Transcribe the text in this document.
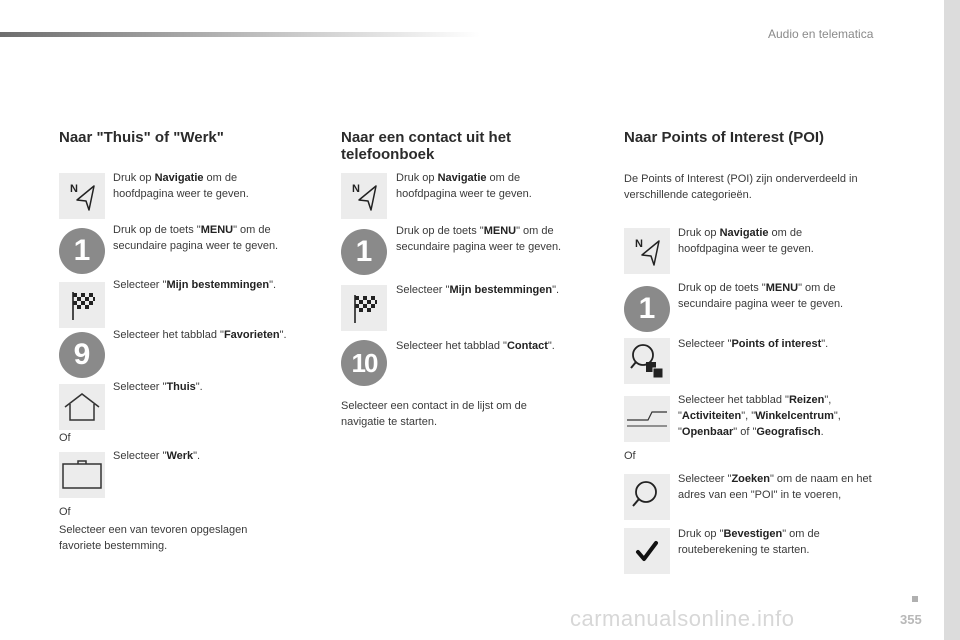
Audio en telematica
355
carmanualsonline.info
Naar "Thuis" of "Werk"
N

Druk op Navigatie om de hoofdpagina weer te geven.

1

Druk op de toets "MENU" om de secundaire pagina weer te geven.

Selecteer "Mijn bestemmingen".

9

Selecteer het tabblad "Favorieten".

Selecteer "Thuis".

Of

Selecteer "Werk".

Of

Selecteer een van tevoren opgeslagen favoriete bestemming.

Naar een contact uit het telefoonboek
N

Druk op Navigatie om de hoofdpagina weer te geven.

1

Druk op de toets "MENU" om de secundaire pagina weer te geven.

Selecteer "Mijn bestemmingen".

10

Selecteer het tabblad "Contact".

Selecteer een contact in de lijst om de navigatie te starten.

Naar Points of Interest (POI)

De Points of Interest (POI) zijn onderverdeeld in verschillende categorieën.

N

Druk op Navigatie om de hoofdpagina weer te geven.

1

Druk op de toets "MENU" om de secundaire pagina weer te geven.

Selecteer "Points of interest".

Selecteer het tabblad "Reizen", "Activiteiten", "Winkelcentrum", "Openbaar" of "Geografisch.

Of

Selecteer "Zoeken" om de naam en het adres van een "POI" in te voeren,

Druk op "Bevestigen" om de routeberekening te starten.
